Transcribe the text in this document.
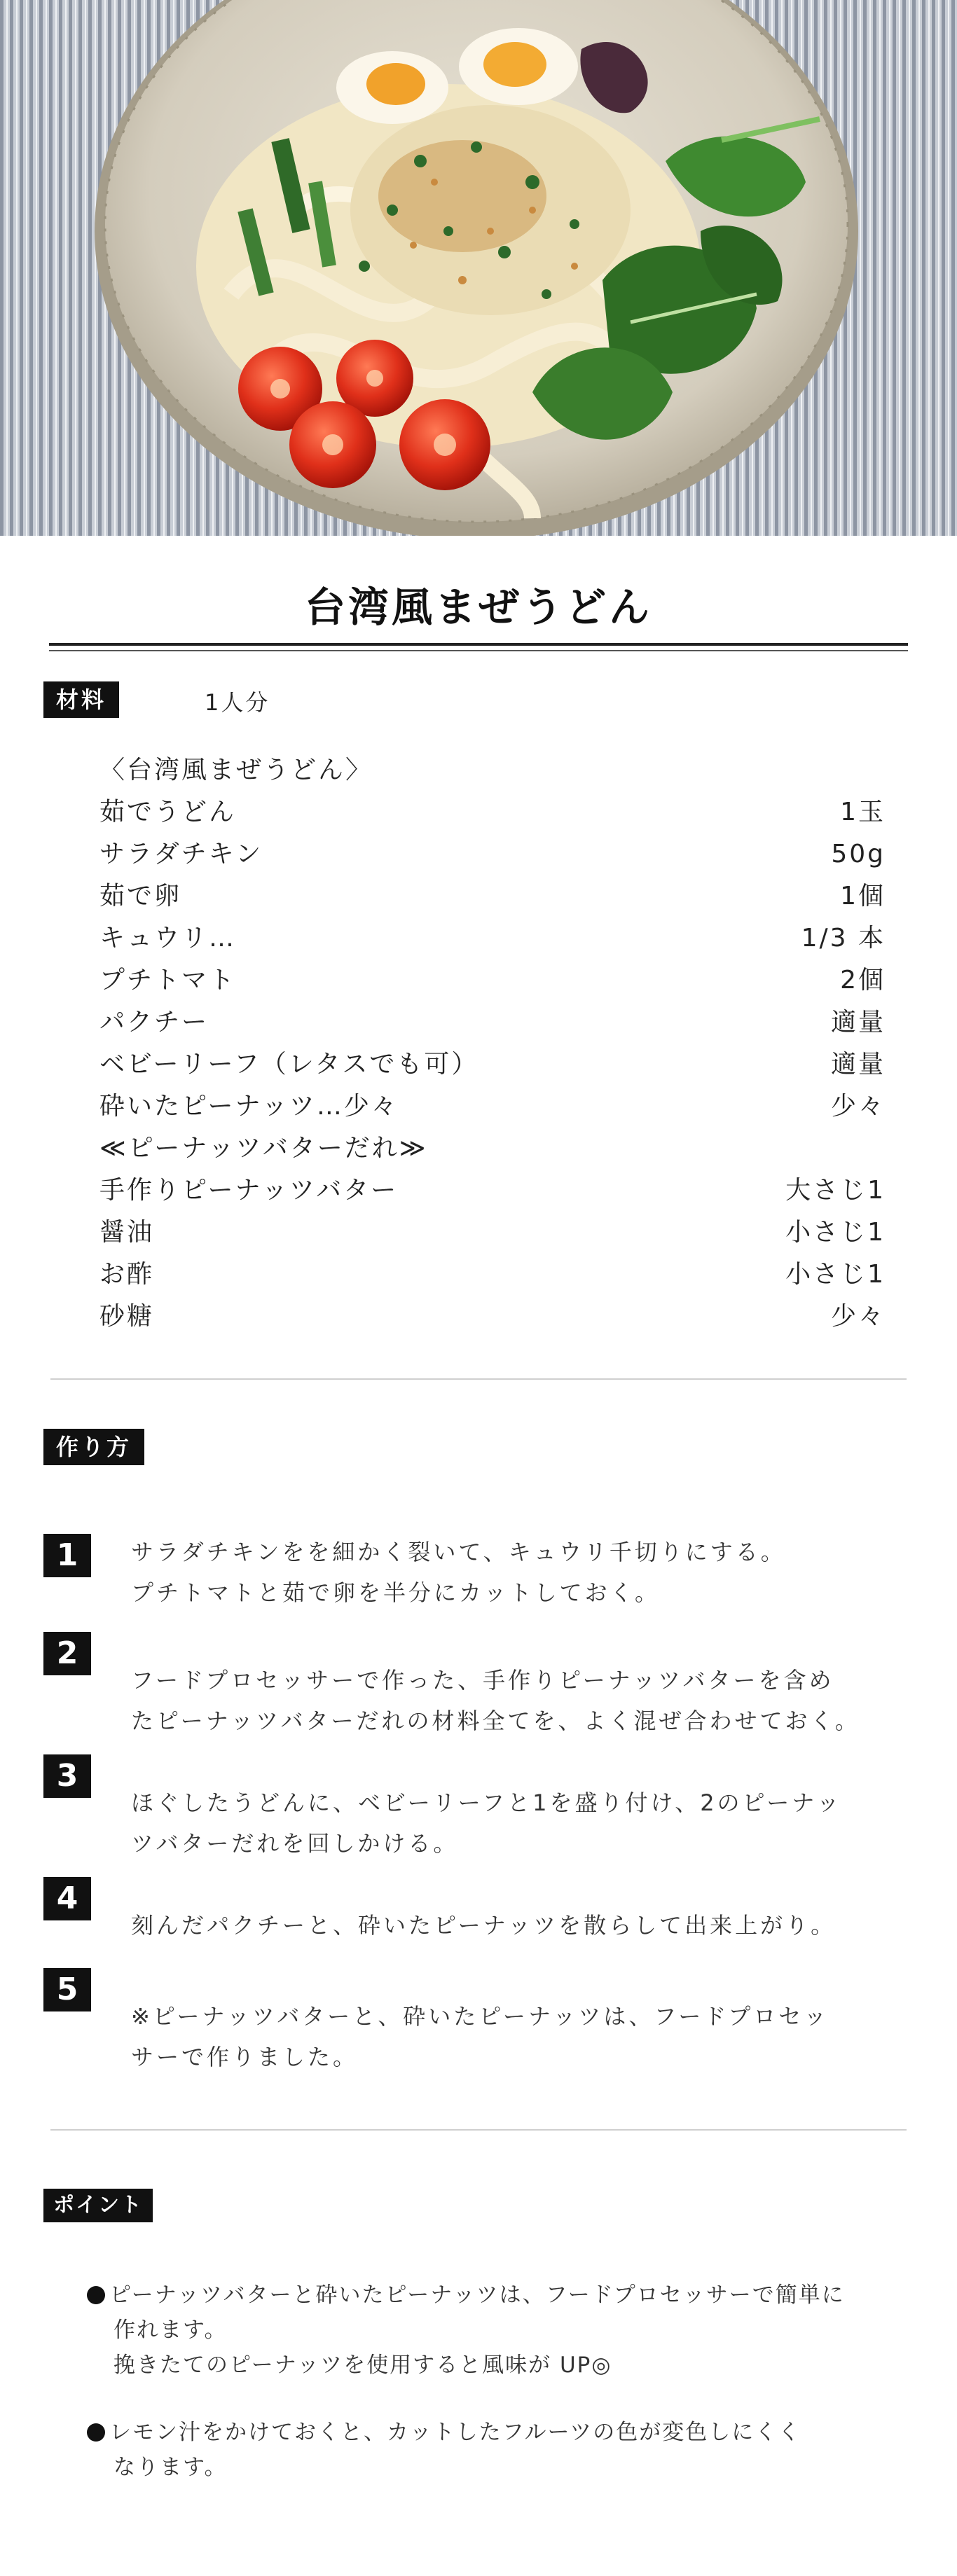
台湾風まぜうどん
材料	1人分
〈台湾風まぜうどん〉
茹でうどん	1玉
サラダチキン	50g
茹で卵	1個
キュウリ…	1/3 本
プチトマト	2個
パクチー	適量
ベビーリーフ（レタスでも可）	適量
砕いたピーナッツ…少々	少々
≪ピーナッツバターだれ≫
手作りピーナッツバター	大さじ1
醤油	小さじ1
お酢	小さじ1
砂糖	少々
作り方
1	サラダチキンをを細かく裂いて、キュウリ千切りにする。
プチトマトと茹で卵を半分にカットしておく。
2
フードプロセッサーで作った、手作りピーナッツバターを含め
たピーナッツバターだれの材料全てを、よく混ぜ合わせておく。
3
ほぐしたうどんに、ベビーリーフと1を盛り付け、2のピーナッ
ツバターだれを回しかける。
4
刻んだパクチーと、砕いたピーナッツを散らして出来上がり。
5
※ピーナッツバターと、砕いたピーナッツは、フードプロセッ
サーで作りました。
ポイント
ピーナッツバターと砕いたピーナッツは、フードプロセッサーで簡単に
作れます。
挽きたてのピーナッツを使用すると風味が UP◎
レモン汁をかけておくと、カットしたフルーツの色が変色しにくく
なります。
